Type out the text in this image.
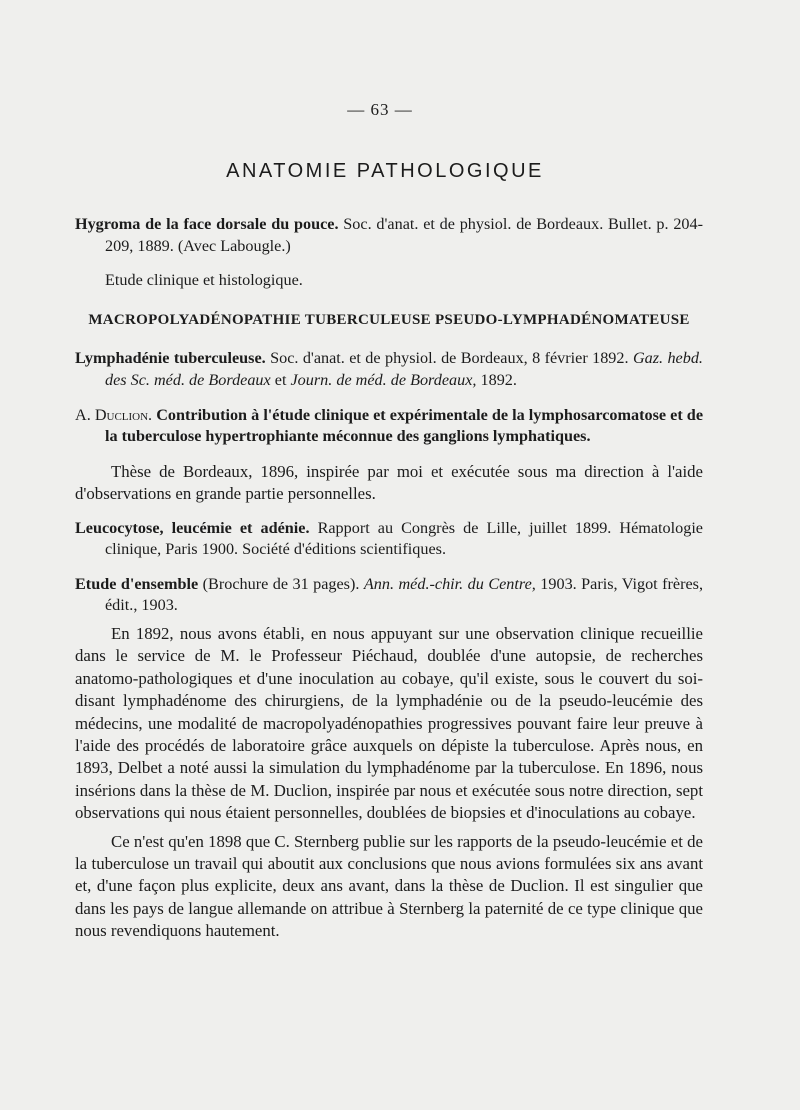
— 63 —
ANATOMIE PATHOLOGIQUE

Hygroma de la face dorsale du pouce. Soc. d'anat. et de physiol. de Bordeaux. Bullet. p. 204-209, 1889. (Avec Labougle.)

Etude clinique et histologique.

MACROPOLYADÉNOPATHIE TUBERCULEUSE PSEUDO-LYMPHADÉNOMATEUSE

Lymphadénie tuberculeuse. Soc. d'anat. et de physiol. de Bordeaux, 8 février 1892. Gaz. hebd. des Sc. méd. de Bordeaux et Journ. de méd. de Bordeaux, 1892.

A. Duclion. Contribution à l'étude clinique et expérimentale de la lymphosarcomatose et de la tuberculose hypertrophiante méconnue des ganglions lymphatiques.

Thèse de Bordeaux, 1896, inspirée par moi et exécutée sous ma direction à l'aide d'observations en grande partie personnelles.

Leucocytose, leucémie et adénie. Rapport au Congrès de Lille, juillet 1899. Hématologie clinique, Paris 1900. Société d'éditions scientifiques.

Etude d'ensemble (Brochure de 31 pages). Ann. méd.-chir. du Centre, 1903. Paris, Vigot frères, édit., 1903.

En 1892, nous avons établi, en nous appuyant sur une observation clinique recueillie dans le service de M. le Professeur Piéchaud, doublée d'une autopsie, de recherches anatomo-pathologiques et d'une inoculation au cobaye, qu'il existe, sous le couvert du soi-disant lymphadénome des chirurgiens, de la lymphadénie ou de la pseudo-leucémie des médecins, une modalité de macropolyadénopathies progressives pouvant faire leur preuve à l'aide des procédés de laboratoire grâce auxquels on dépiste la tuberculose. Après nous, en 1893, Delbet a noté aussi la simulation du lymphadénome par la tuberculose. En 1896, nous insérions dans la thèse de M. Duclion, inspirée par nous et exécutée sous notre direction, sept observations qui nous étaient personnelles, doublées de biopsies et d'inoculations au cobaye.

Ce n'est qu'en 1898 que C. Sternberg publie sur les rapports de la pseudo-leucémie et de la tuberculose un travail qui aboutit aux conclusions que nous avions formulées six ans avant et, d'une façon plus explicite, deux ans avant, dans la thèse de Duclion. Il est singulier que dans les pays de langue allemande on attribue à Sternberg la paternité de ce type clinique que nous revendiquons hautement.
